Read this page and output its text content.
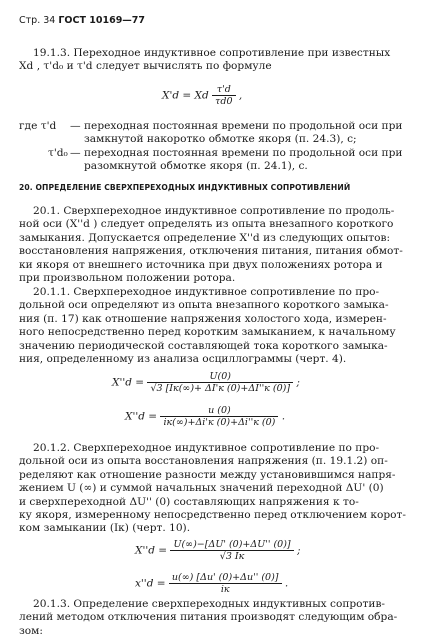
Стр. 34 ГОСТ 10169—77
19.1.3. Переходное индуктивное сопротивление при известных
Xd , τ'd₀ и τ'd следует вычислять по формуле
X'd = Xd $\frac{\tau'd}{\tau d0}$ ,
где τ'd — переходная постоянная времени по продольной оси при
замкнутой накоротко обмотке якоря (п. 24.3), с;
τ'd₀ — переходная постоянная времени по продольной оси при
разомкнутой обмотке якоря (п. 24.1), с.
20. ОПРЕДЕЛЕНИЕ СВЕРХПЕРЕХОДНЫХ ИНДУКТИВНЫХ СОПРОТИВЛЕНИЙ
20.1. Сверхпереходное индуктивное сопротивление по продоль-
ной оси (X''d ) следует определять из опыта внезапного короткого
замыкания. Допускается определение X''d из следующих опытов:
восстановления напряжения, отключения питания, питания обмот-
ки якоря от внешнего источника при двух положениях ротора и
при произвольном положении ротора.
20.1.1. Сверхпереходное индуктивное сопротивление по про-
дольной оси определяют из опыта внезапного короткого замыка-
ния (п. 17) как отношение напряжения холостого хода, измерен-
ного непосредственно перед коротким замыканием, к начальному
значению периодической составляющей тока короткого замыка-
ния, определенному из анализа осциллограммы (черт. 4).
$X''d = \frac{U(0)}{√3 [Iк(\infty)+ \Delta I'к (0)+\Delta I''к (0)]}$ ;
$X''d = \frac{u (0)}{iк(\infty)+\Delta i'к (0)+\Delta i''к (0)}$ .
20.1.2. Сверхпереходное индуктивное сопротивление по про-
дольной оси из опыта восстановления напряжения (п. 19.1.2) оп-
ределяют как отношение разности между установившимся напря-
жением U (∞) и суммой начальных значений переходной ΔU' (0)
и сверхпереходной ΔU'' (0) составляющих напряжения к то-
ку якоря, измеренному непосредственно перед отключением корот-
ком замыкании (Iк) (черт. 10).
$X''d = \frac{U(\infty)-[\Delta U' (0)+\Delta U'' (0)]}{√3 Iк}$ ;
$x''d = \frac{u(\infty) [\Delta u' (0)+\Delta u'' (0)]}{iк}$ .
20.1.3. Определение сверхпереходных индуктивных сопротив-
лений методом отключения питания производят следующим обра-
зом:
